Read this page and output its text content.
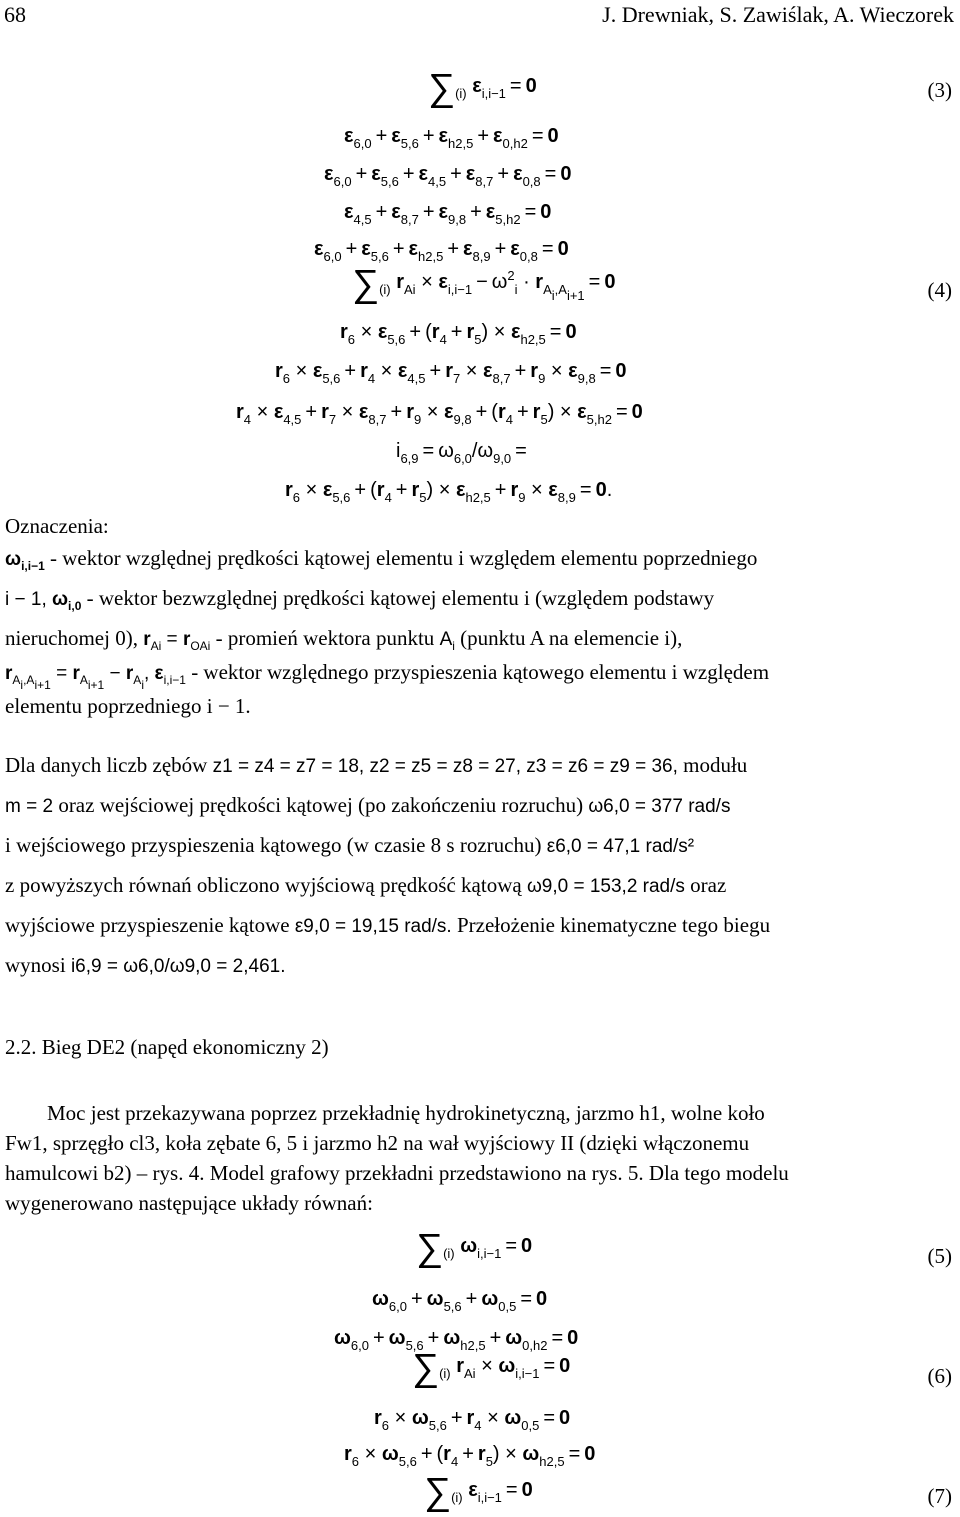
68	J. Drewniak, S. Zawiślak, A. Wieczorek
$\sum_{(i)}$ $\varepsilon_{i,i-1} = 0$	(3)
$\varepsilon_{6,0} + \varepsilon_{5,6} + \varepsilon_{h2,5} + \varepsilon_{0,h2} = 0$
$\varepsilon_{6,0} + \varepsilon_{5,6} + \varepsilon_{4,5} + \varepsilon_{8,7} + \varepsilon_{0,8} = 0$
$\varepsilon_{4,5} + \varepsilon_{8,7} + \varepsilon_{9,8} + \varepsilon_{5,h2} = 0$
$\varepsilon_{6,0} + \varepsilon_{5,6} + \varepsilon_{h2,5} + \varepsilon_{8,9} + \varepsilon_{0,8} = 0$
$\sum_{(i)}$ $r_{Ai} \times \varepsilon_{i,i-1} - \omega^2_i \cdot r_{A_i,A_{i+1}}= 0$	(4)
$r_6 \times \varepsilon_{5,6} + (r_4 + r_5) \times \varepsilon_{h2,5} = 0$
$r_6 \times \varepsilon_{5,6} + r_4 \times \varepsilon_{4,5} + r_7 \times \varepsilon_{8,7} + r_9 \times \varepsilon_{9,8} = 0$
$r_4 \times \varepsilon_{4,5} + r_7 \times \varepsilon_{8,7} + r_9 \times \varepsilon_{9,8} + (r_4 + r_5) \times \varepsilon_{5,h2} = 0$
$i_{6,9} = \omega_{6,0}/\omega_{9,0}$ =
$r_6 \times \varepsilon_{5,6} + (r_4 + r_5) \times \varepsilon_{h2,5} + r_9 \times \varepsilon_{8,9} = 0$.
Oznaczenia:
$\omega_{i,i-1}$ - wektor względnej prędkości kątowej elementu i względem elementu poprzedniego
i − 1, $\omega_{i,0}$ - wektor bezwzględnej prędkości kątowej elementu i (względem podstawy
nieruchomej 0), $r_{Ai} = r_{OAi}$ - promień wektora punktu $A_i$ (punktu A na elemencie i),
$r_{A_i,A_{i+1}} = r_{A_{i+1}} - r_{A_i}$, $\varepsilon_{i,i-1}$ - wektor względnego przyspieszenia kątowego elementu i względem
elementu poprzedniego i − 1.
Dla danych liczb zębów z1 = z4 = z7 = 18, z2 = z5 = z8 = 27, z3 = z6 = z9 = 36, modułu
m = 2 oraz wejściowej prędkości kątowej (po zakończeniu rozruchu) ω6,0 = 377 rad/s
i wejściowego przyspieszenia kątowego (w czasie 8 s rozruchu) ε6,0 = 47,1 rad/s²
z powyższych równań obliczono wyjściową prędkość kątową ω9,0 = 153,2 rad/s oraz
wyjściowe przyspieszenie kątowe ε9,0 = 19,15 rad/s. Przełożenie kinematyczne tego biegu
wynosi i6,9 = ω6,0/ω9,0 = 2,461.
2.2. Bieg DE2 (napęd ekonomiczny 2)
Moc jest przekazywana poprzez przekładnię hydrokinetyczną, jarzmo h1, wolne koło
Fw1, sprzęgło cl3, koła zębate 6, 5 i jarzmo h2 na wał wyjściowy II (dzięki włączonemu
hamulcowi b2) – rys. 4. Model grafowy przekładni przedstawiono na rys. 5. Dla tego modelu
wygenerowano następujące układy równań:
$\sum_{(i)}$ $\omega_{i,i-1} = 0$	(5)
$\omega_{6,0} + \omega_{5,6} + \omega_{0,5} = 0$
$\omega_{6,0} + \omega_{5,6} + \omega_{h2,5} + \omega_{0,h2} = 0$
$\sum_{(i)}$ $r_{Ai} \times \omega_{i,i-1} = 0$	(6)
$r_6 \times \omega_{5,6} + r_4 \times \omega_{0,5} = 0$
$r_6 \times \omega_{5,6} + (r_4 + r_5) \times \omega_{h2,5} = 0$
$\sum_{(i)}$ $\varepsilon_{i,i-1} = 0$	(7)
